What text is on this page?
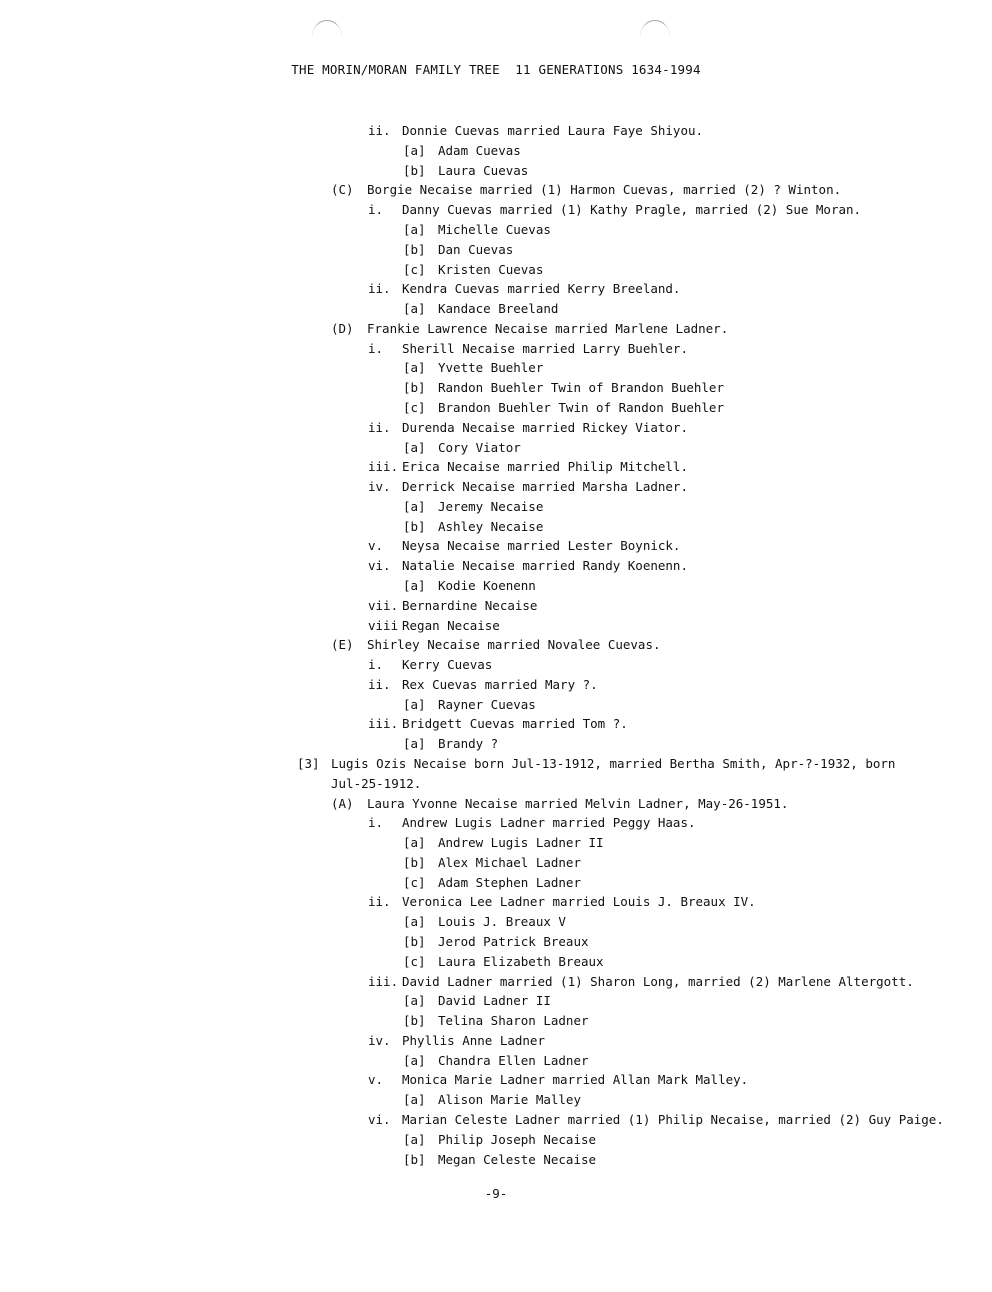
THE MORIN/MORAN FAMILY TREE  11 GENERATIONS 1634-1994
ii. Donnie Cuevas married Laura Faye Shiyou.
[a] Adam Cuevas
[b] Laura Cuevas
(C) Borgie Necaise married (1) Harmon Cuevas, married (2) ? Winton.
i. Danny Cuevas married (1) Kathy Pragle, married (2) Sue Moran.
[a] Michelle Cuevas
[b] Dan Cuevas
[c] Kristen Cuevas
ii. Kendra Cuevas married Kerry Breeland.
[a] Kandace Breeland
(D) Frankie Lawrence Necaise married Marlene Ladner.
i. Sherill Necaise married Larry Buehler.
[a] Yvette Buehler
[b] Randon Buehler Twin of Brandon Buehler
[c] Brandon Buehler Twin of Randon Buehler
ii. Durenda Necaise married Rickey Viator.
[a] Cory Viator
iii. Erica Necaise married Philip Mitchell.
iv. Derrick Necaise married Marsha Ladner.
[a] Jeremy Necaise
[b] Ashley Necaise
v. Neysa Necaise married Lester Boynick.
vi. Natalie Necaise married Randy Koenenn.
[a] Kodie Koenenn
vii. Bernardine Necaise
viii Regan Necaise
(E) Shirley Necaise married Novalee Cuevas.
i. Kerry Cuevas
ii. Rex Cuevas married Mary ?.
[a] Rayner Cuevas
iii. Bridgett Cuevas married Tom ?.
[a] Brandy ?
[3] Lugis Ozis Necaise born Jul-13-1912, married Bertha Smith, Apr-?-1932, born
Jul-25-1912.
(A) Laura Yvonne Necaise married Melvin Ladner, May-26-1951.
i. Andrew Lugis Ladner married Peggy Haas.
[a] Andrew Lugis Ladner II
[b] Alex Michael Ladner
[c] Adam Stephen Ladner
ii. Veronica Lee Ladner married Louis J. Breaux IV.
[a] Louis J. Breaux V
[b] Jerod Patrick Breaux
[c] Laura Elizabeth Breaux
iii. David Ladner married (1) Sharon Long, married (2) Marlene Altergott.
[a] David Ladner II
[b] Telina Sharon Ladner
iv. Phyllis Anne Ladner
[a] Chandra Ellen Ladner
v. Monica Marie Ladner married Allan Mark Malley.
[a] Alison Marie Malley
vi. Marian Celeste Ladner married (1) Philip Necaise, married (2) Guy Paige.
[a] Philip Joseph Necaise
[b] Megan Celeste Necaise
-9-
